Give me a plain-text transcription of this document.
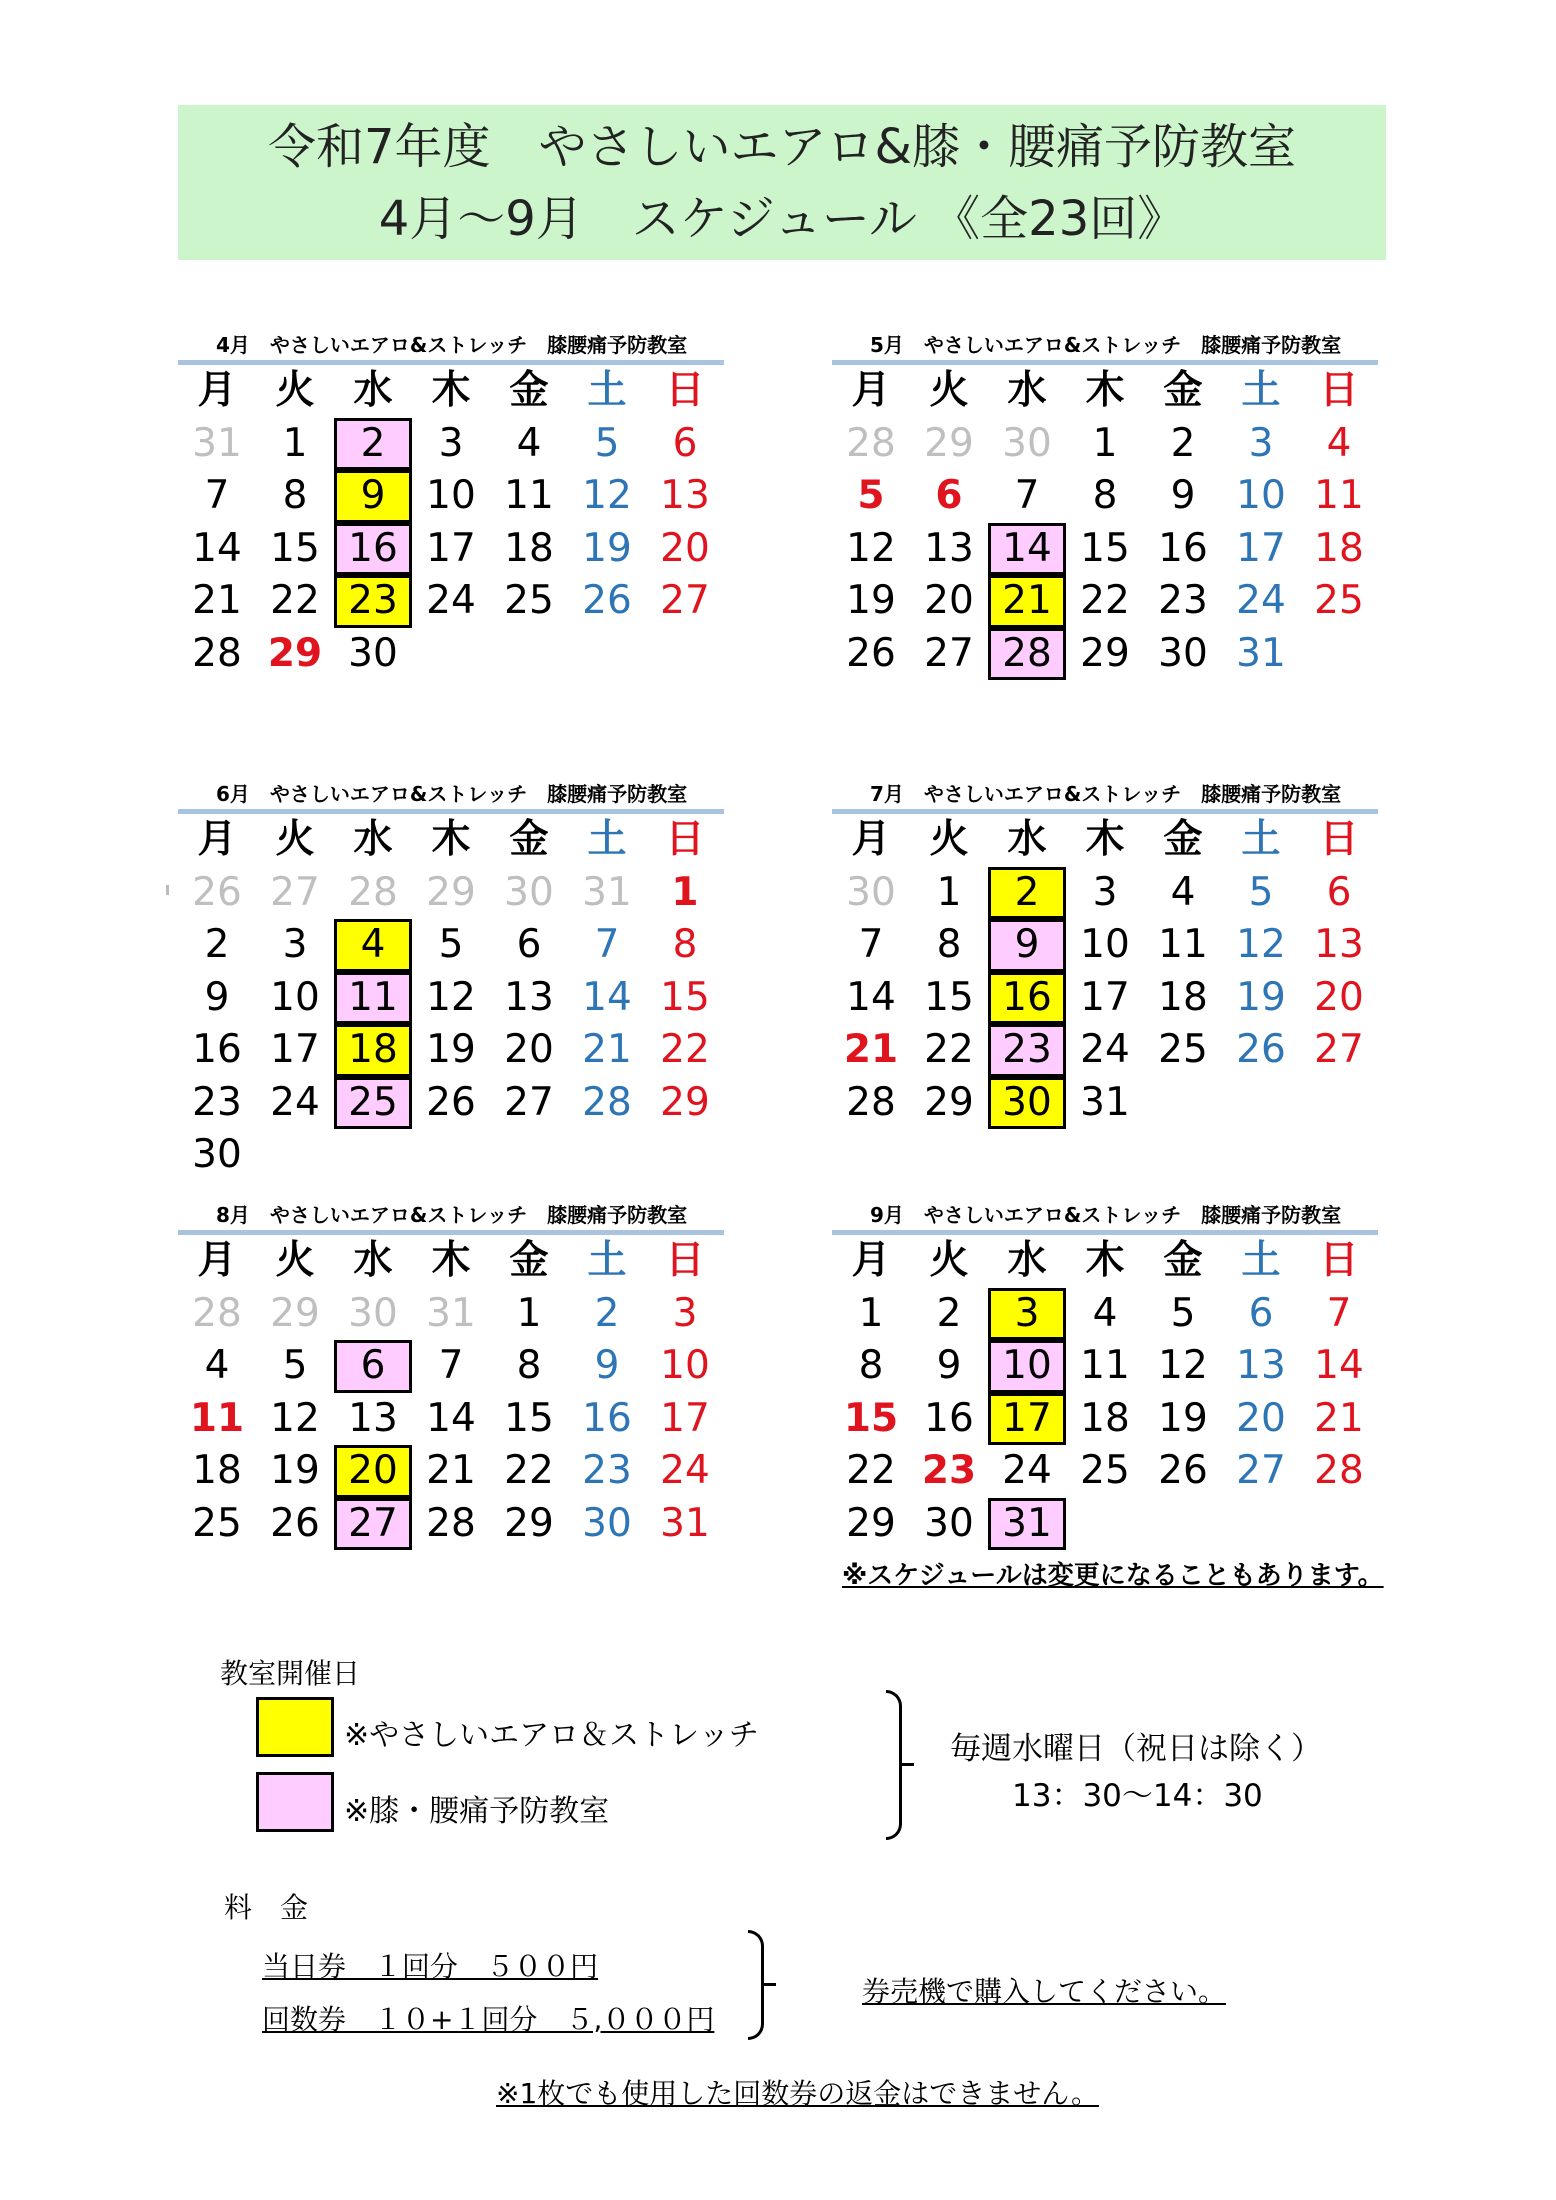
令和7年度　やさしいエアロ&膝・腰痛予防教室
4月～9月　スケジュール 《全23回》
4月　やさしいエアロ&ストレッチ　膝腰痛予防教室
月 火 水 木 金 土 日
31	1	2	3	4	5	6
7	8	9	10 11 12 13
14 15 16 17 18 19 20
21 22 23 24 25 26 27
28 29 30
5月　やさしいエアロ&ストレッチ　膝腰痛予防教室
月 火 水 木 金 土 日
28 29 30	1	2	3	4
5	6	7	8	9	10 11
12 13 14 15 16 17 18
19 20 21 22 23 24 25
26 27 28 29 30 31
6月　やさしいエアロ&ストレッチ　膝腰痛予防教室
月 火 水 木 金 土 日
26 27 28 29 30 31	1
2	3	4	5	6	7	8
9	10 11 12 13 14 15
16 17 18 19 20 21 22
23 24 25 26 27 28 29
30
7月　やさしいエアロ&ストレッチ　膝腰痛予防教室
月 火 水 木 金 土 日
30	1	2	3	4	5	6
7	8	9	10 11 12 13
14 15 16 17 18 19 20
21 22 23 24 25 26 27
28 29 30 31
8月　やさしいエアロ&ストレッチ　膝腰痛予防教室
月 火 水 木 金 土 日
28 29 30 31	1	2	3
4	5	6	7	8	9	10
11 12 13 14 15 16 17
18 19 20 21 22 23 24
25 26 27 28 29 30 31
9月　やさしいエアロ&ストレッチ　膝腰痛予防教室
月 火 水 木 金 土 日
1	2	3	4	5	6	7
8	9	10 11 12 13 14
15 16 17 18 19 20 21
22 23 24 25 26 27 28
29 30 31
※スケジュールは変更になることもあります。
教室開催日
※やさしいエアロ＆ストレッチ
※膝・腰痛予防教室
毎週水曜日（祝日は除く）
13：30～14：30
料　金
当日券　１回分　５００円
回数券　１０+１回分　５,０００円
券売機で購入してください。
※1枚でも使用した回数券の返金はできません。
